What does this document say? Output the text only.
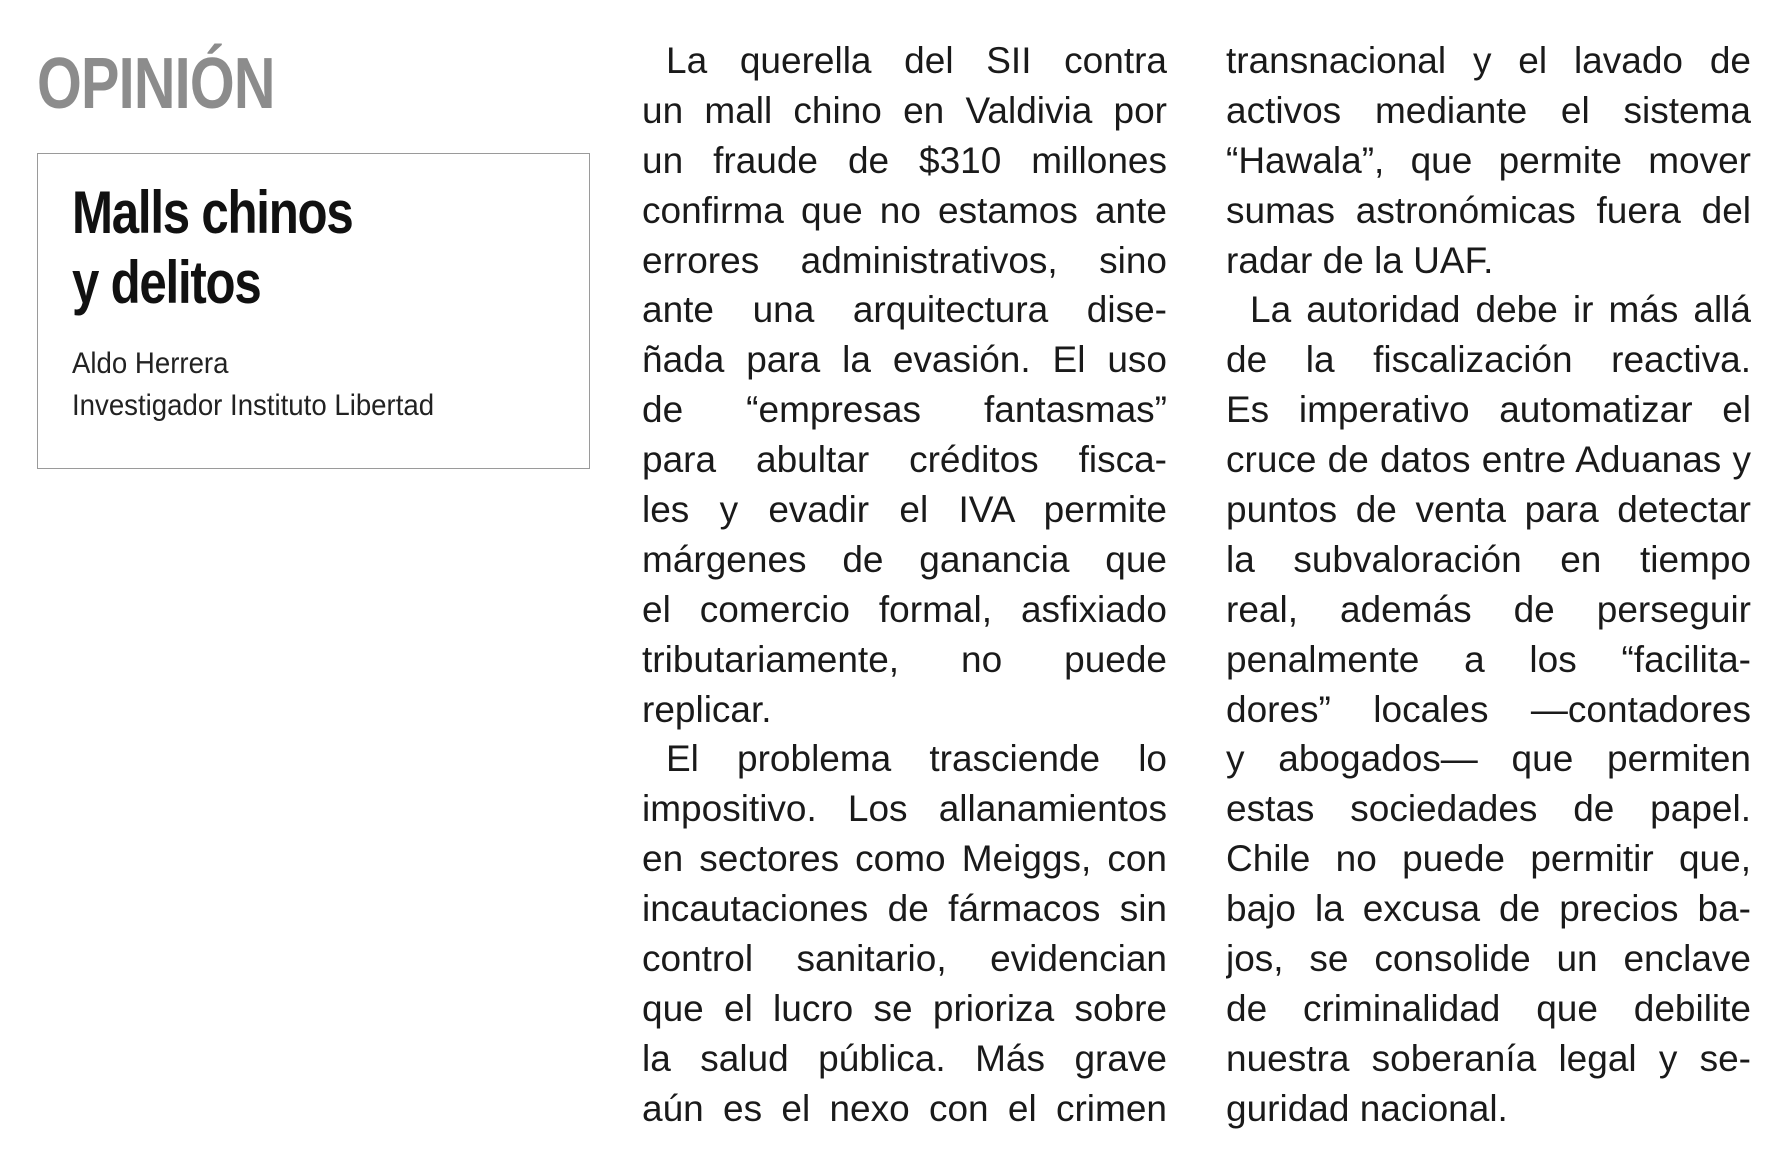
OPINIÓN
Malls chinos
y delitos

Aldo Herrera

Investigador Instituto Libertad

La querella del SII contra
un mall chino en Valdivia por
un fraude de $310 millones
confirma que no estamos ante
errores administrativos, sino
ante una arquitectura dise-
ñada para la evasión. El uso
de “empresas fantasmas”
para abultar créditos fisca-
les y evadir el IVA permite
márgenes de ganancia que
el comercio formal, asfixiado
tributariamente, no puede
replicar.
El problema trasciende lo
impositivo. Los allanamientos
en sectores como Meiggs, con
incautaciones de fármacos sin
control sanitario, evidencian
que el lucro se prioriza sobre
la salud pública. Más grave
aún es el nexo con el crimen
transnacional y el lavado de
activos mediante el sistema
“Hawala”, que permite mover
sumas astronómicas fuera del
radar de la UAF.
La autoridad debe ir más allá
de la fiscalización reactiva.
Es imperativo automatizar el
cruce de datos entre Aduanas y
puntos de venta para detectar
la subvaloración en tiempo
real, además de perseguir
penalmente a los “facilita-
dores” locales —contadores
y abogados— que permiten
estas sociedades de papel.
Chile no puede permitir que,
bajo la excusa de precios ba-
jos, se consolide un enclave
de criminalidad que debilite
nuestra soberanía legal y se-
guridad nacional.
